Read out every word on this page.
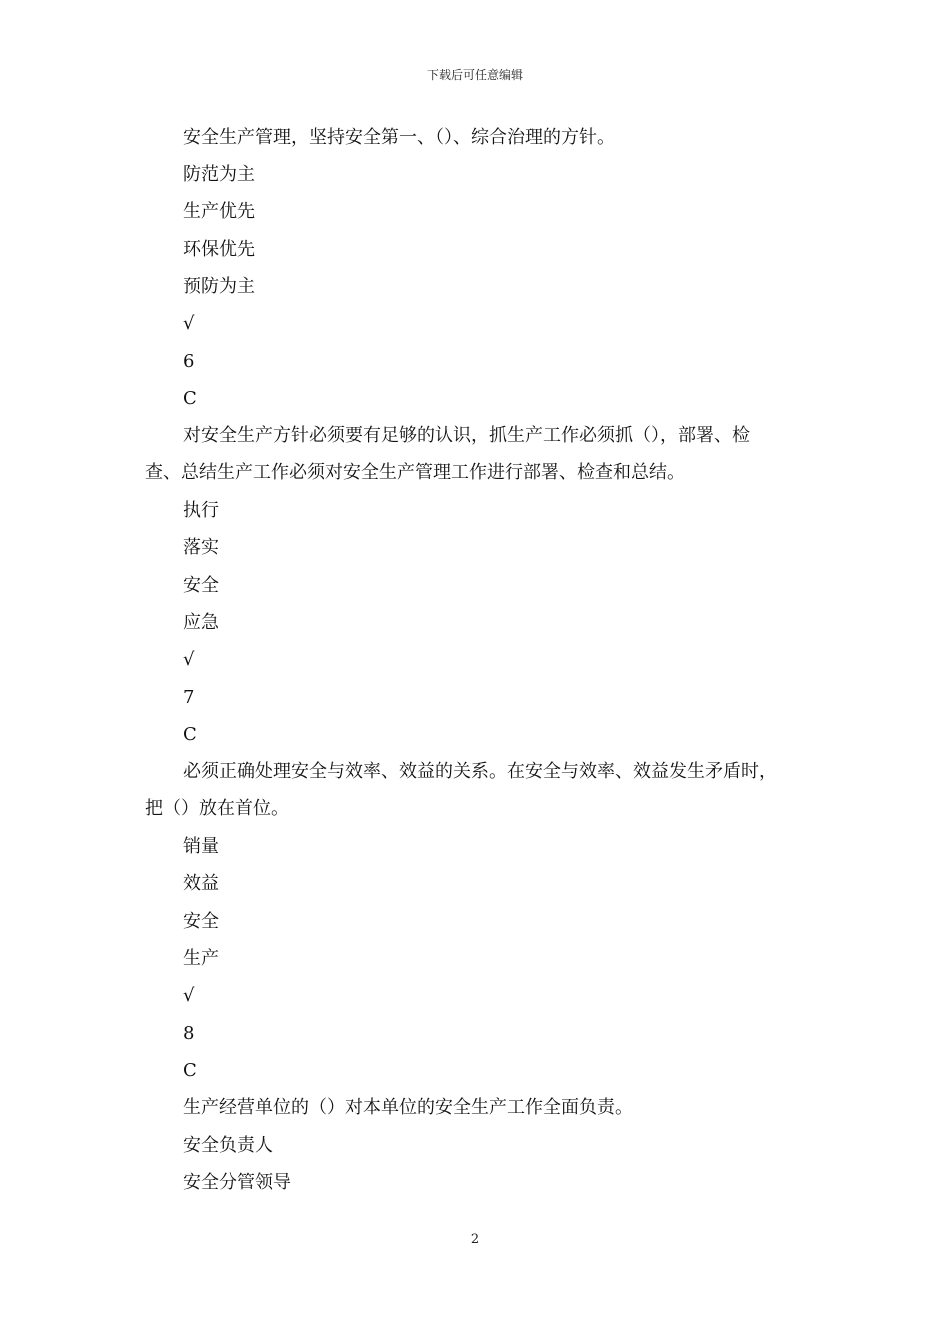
下载后可任意编辑
安全生产管理，坚持安全第一、（）、综合治理的方针。
防范为主
生产优先
环保优先
预防为主
√
6
C
对安全生产方针必须要有足够的认识，抓生产工作必须抓（），部署、检
查、总结生产工作必须对安全生产管理工作进行部署、检查和总结。
执行
落实
安全
应急
√
7
C
必须正确处理安全与效率、效益的关系。在安全与效率、效益发生矛盾时，
把（）放在首位。
销量
效益
安全
生产
√
8
C
生产经营单位的（）对本单位的安全生产工作全面负责。
安全负责人
安全分管领导
2
